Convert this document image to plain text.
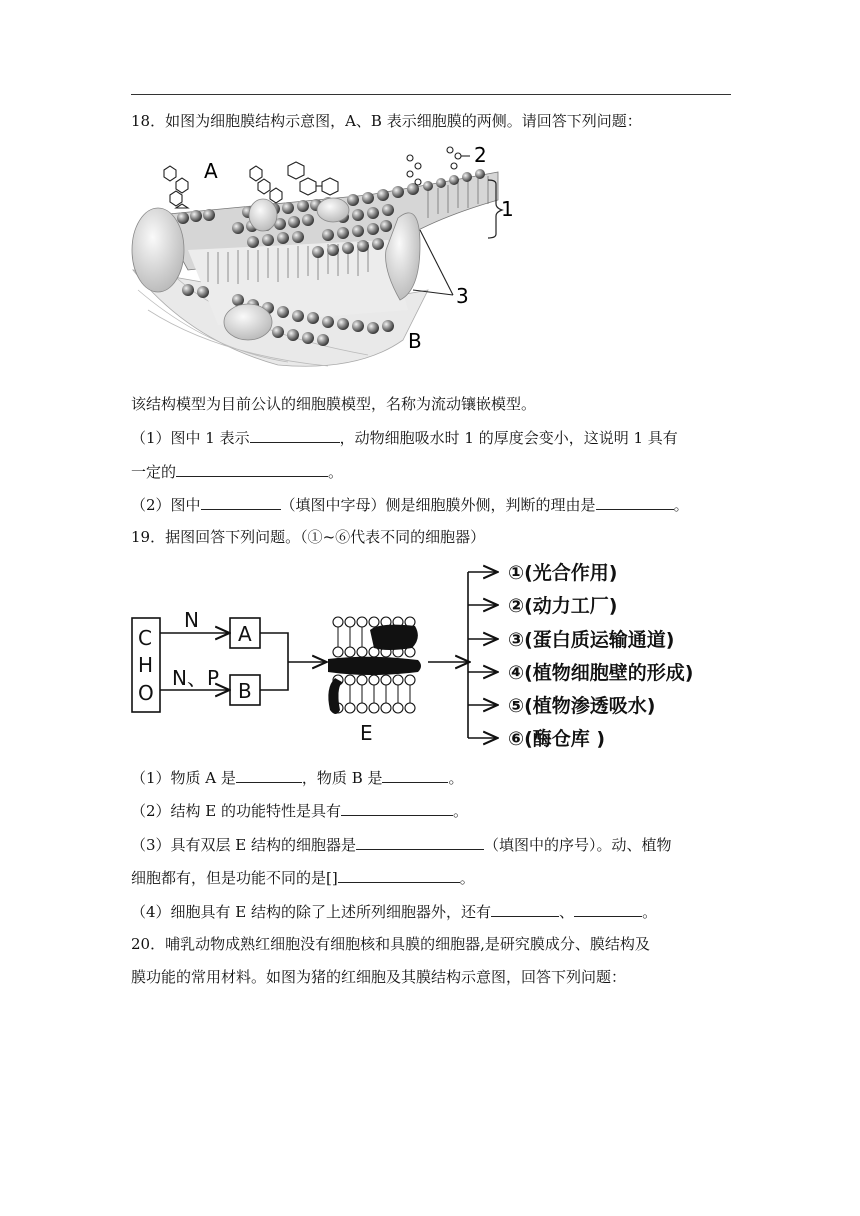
18．如图为细胞膜结构示意图，A、B 表示细胞膜的两侧。请回答下列问题：
A
B
1
2
3
该结构模型为目前公认的细胞膜模型，名称为流动镶嵌模型。
（1）图中 1 表示	，动物细胞吸水时 1 的厚度会变小，这说明 1 具有
一定的	。
（2）图中	（填图中字母）侧是细胞膜外侧，判断的理由是	。
19．据图回答下列问题。（①~⑥代表不同的细胞器）
C
H
O
N
N、P
A
B
E
①(光合作用)
②(动力工厂)
③(蛋白质运输通道)
④(植物细胞壁的形成)
⑤(植物渗透吸水)
⑥(酶仓库 )
（1）物质 A 是	，物质 B 是	。
（2）结构 E 的功能特性是具有	。
（3）具有双层 E 结构的细胞器是	（填图中的序号）。动、植物
细胞都有，但是功能不同的是[]	。
（4）细胞具有 E 结构的除了上述所列细胞器外，还有	、	。
20．哺乳动物成熟红细胞没有细胞核和具膜的细胞器,是研究膜成分、膜结构及
膜功能的常用材料。如图为猪的红细胞及其膜结构示意图，回答下列问题：
